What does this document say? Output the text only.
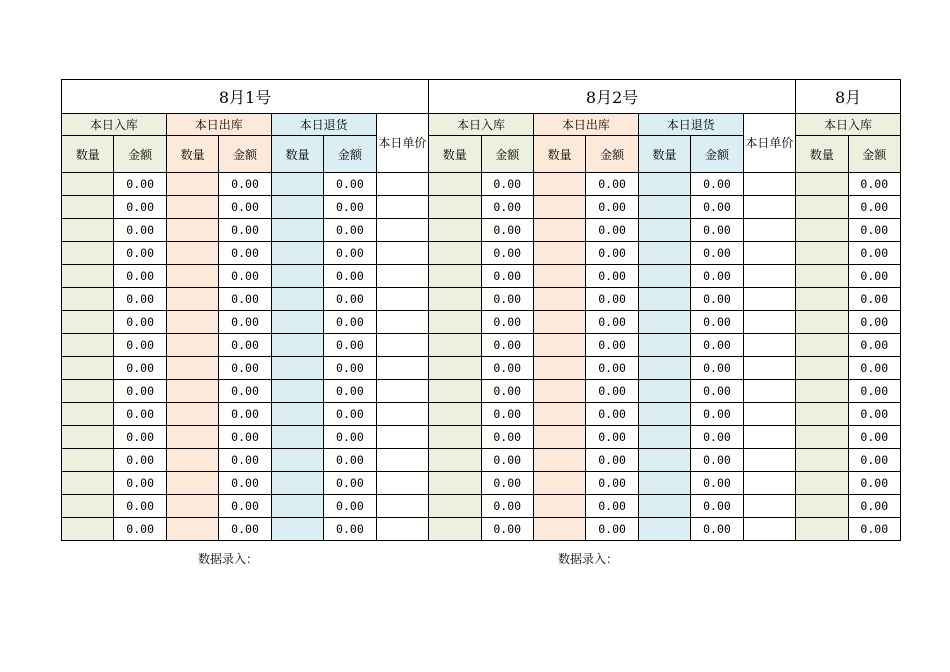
8月1号							8月2号							8月	
本日入库		本日出库		本日退货		本日单价	本日入库		本日出库		本日退货		本日单价	本日入库	
数量	金额	数量	金额	数量	金额		数量	金额	数量	金额	数量	金额		数量	金额
	0.00		0.00		0.00			0.00		0.00		0.00			0.00
	0.00		0.00		0.00			0.00		0.00		0.00			0.00
	0.00		0.00		0.00			0.00		0.00		0.00			0.00
	0.00		0.00		0.00			0.00		0.00		0.00			0.00
	0.00		0.00		0.00			0.00		0.00		0.00			0.00
	0.00		0.00		0.00			0.00		0.00		0.00			0.00
	0.00		0.00		0.00			0.00		0.00		0.00			0.00
	0.00		0.00		0.00			0.00		0.00		0.00			0.00
	0.00		0.00		0.00			0.00		0.00		0.00			0.00
	0.00		0.00		0.00			0.00		0.00		0.00			0.00
	0.00		0.00		0.00			0.00		0.00		0.00			0.00
	0.00		0.00		0.00			0.00		0.00		0.00			0.00
	0.00		0.00		0.00			0.00		0.00		0.00			0.00
	0.00		0.00		0.00			0.00		0.00		0.00			0.00
	0.00		0.00		0.00			0.00		0.00		0.00			0.00
	0.00		0.00		0.00			0.00		0.00		0.00			0.00
数据录入：	数据录入：
